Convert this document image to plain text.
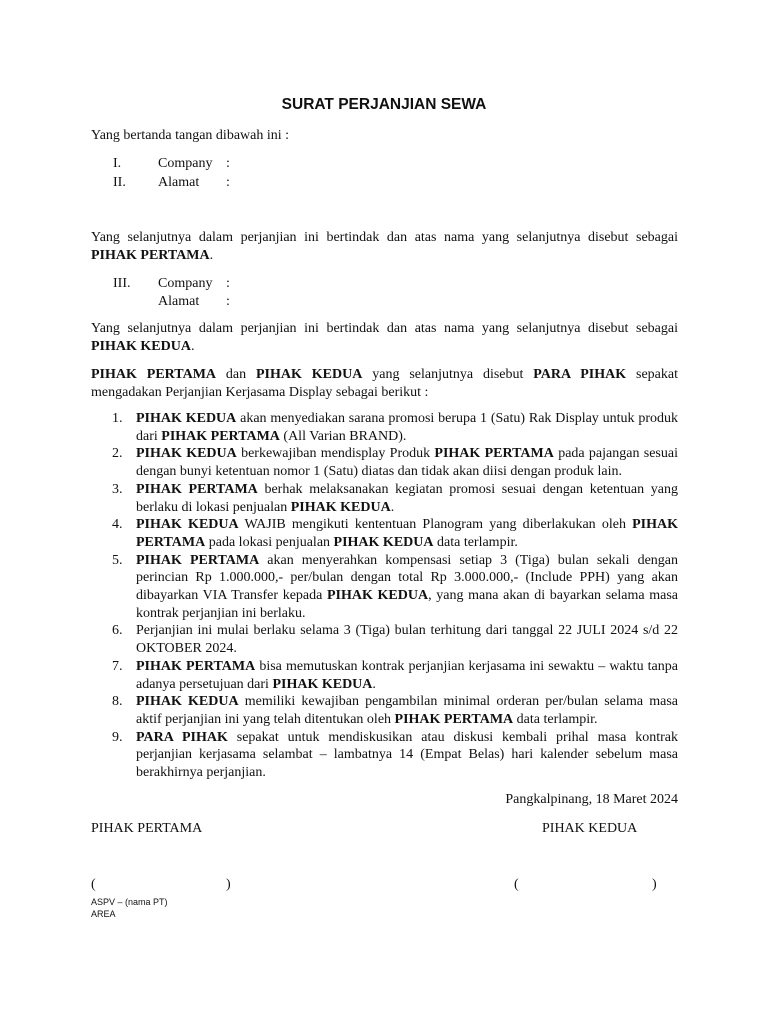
SURAT PERJANJIAN SEWA
Yang bertanda tangan dibawah ini :
I.	Company :
II. Alamat :
Yang selanjutnya dalam perjanjian ini bertindak dan atas nama yang selanjutnya disebut sebagai PIHAK PERTAMA.
III. Company :
Alamat :
Yang selanjutnya dalam perjanjian ini bertindak dan atas nama yang selanjutnya disebut sebagai PIHAK KEDUA.
PIHAK PERTAMA dan PIHAK KEDUA yang selanjutnya disebut PARA PIHAK sepakat mengadakan Perjanjian Kerjasama Display sebagai berikut :
1. PIHAK KEDUA akan menyediakan sarana promosi berupa 1 (Satu) Rak Display untuk produk dari PIHAK PERTAMA (All Varian BRAND).
2. PIHAK KEDUA berkewajiban mendisplay Produk PIHAK PERTAMA pada pajangan sesuai dengan bunyi ketentuan nomor 1 (Satu) diatas dan tidak akan diisi dengan produk lain.
3. PIHAK PERTAMA berhak melaksanakan kegiatan promosi sesuai dengan ketentuan yang berlaku di lokasi penjualan PIHAK KEDUA.
4. PIHAK KEDUA WAJIB mengikuti kententuan Planogram yang diberlakukan oleh PIHAK PERTAMA pada lokasi penjualan PIHAK KEDUA data terlampir.
5. PIHAK PERTAMA akan menyerahkan kompensasi setiap 3 (Tiga) bulan sekali dengan perincian Rp 1.000.000,- per/bulan dengan total Rp 3.000.000,- (Include PPH) yang akan dibayarkan VIA Transfer kepada PIHAK KEDUA, yang mana akan di bayarkan selama masa kontrak perjanjian ini berlaku.
6. Perjanjian ini mulai berlaku selama 3 (Tiga) bulan terhitung dari tanggal 22 JULI 2024 s/d 22 OKTOBER 2024.
7. PIHAK PERTAMA bisa memutuskan kontrak perjanjian kerjasama ini sewaktu – waktu tanpa adanya persetujuan dari PIHAK KEDUA.
8. PIHAK KEDUA memiliki kewajiban pengambilan minimal orderan per/bulan selama masa aktif perjanjian ini yang telah ditentukan oleh PIHAK PERTAMA data terlampir.
9. PARA PIHAK sepakat untuk mendiskusikan atau diskusi kembali prihal masa kontrak perjanjian kerjasama selambat – lambatnya 14 (Empat Belas) hari kalender sebelum masa berakhirnya perjanjian.
Pangkalpinang, 18 Maret 2024
PIHAK PERTAMA	PIHAK KEDUA
(	)	(	)
ASPV – (nama PT)
AREA
